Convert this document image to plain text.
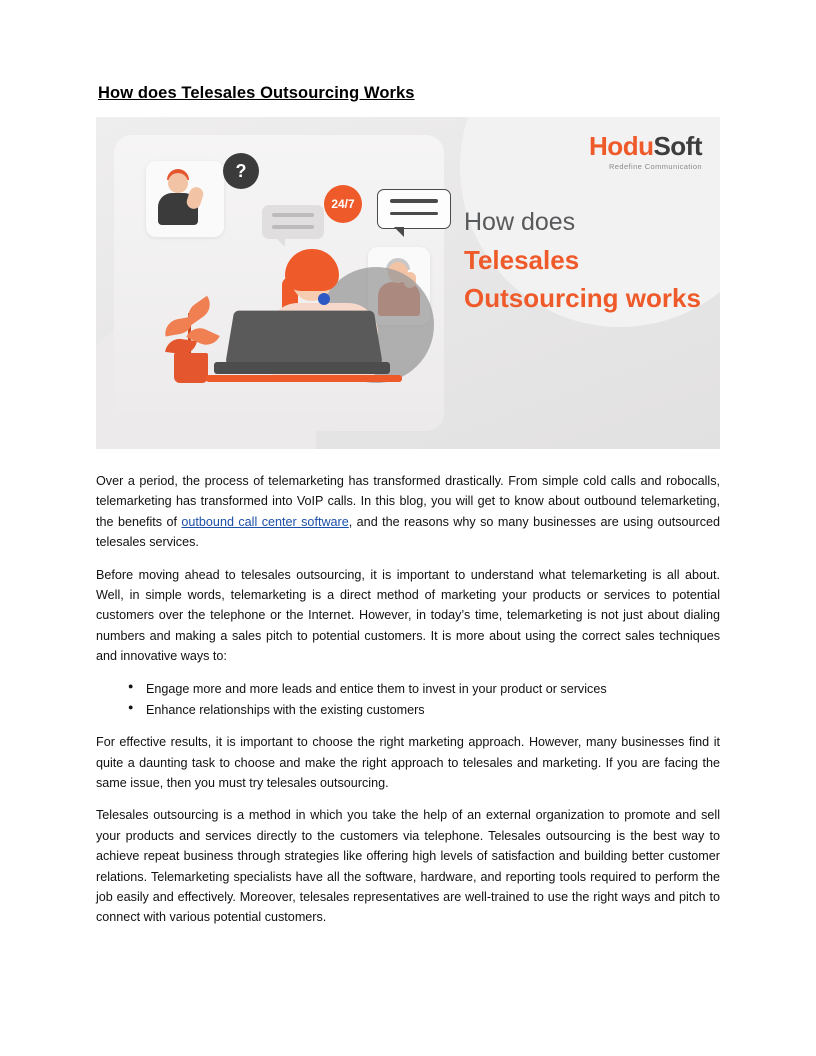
How does Telesales Outsourcing Works
?
24/7
HoduSoft
Redefine Communication
How does
Telesales Outsourcing works

Over a period, the process of telemarketing has transformed drastically. From simple cold calls and robocalls, telemarketing has transformed into VoIP calls. In this blog, you will get to know about outbound telemarketing, the benefits of outbound call center software, and the reasons why so many businesses are using outsourced telesales services.

Before moving ahead to telesales outsourcing, it is important to understand what telemarketing is all about. Well, in simple words, telemarketing is a direct method of marketing your products or services to potential customers over the telephone or the Internet. However, in today’s time, telemarketing is not just about dialing numbers and making a sales pitch to potential customers. It is more about using the correct sales techniques and innovative ways to:

● Engage more and more leads and entice them to invest in your product or services
● Enhance relationships with the existing customers

For effective results, it is important to choose the right marketing approach. However, many businesses find it quite a daunting task to choose and make the right approach to telesales and marketing. If you are facing the same issue, then you must try telesales outsourcing.

Telesales outsourcing is a method in which you take the help of an external organization to promote and sell your products and services directly to the customers via telephone. Telesales outsourcing is the best way to achieve repeat business through strategies like offering high levels of satisfaction and building better customer relations. Telemarketing specialists have all the software, hardware, and reporting tools required to perform the job easily and effectively. Moreover, telesales representatives are well-trained to use the right ways and pitch to connect with various potential customers.
